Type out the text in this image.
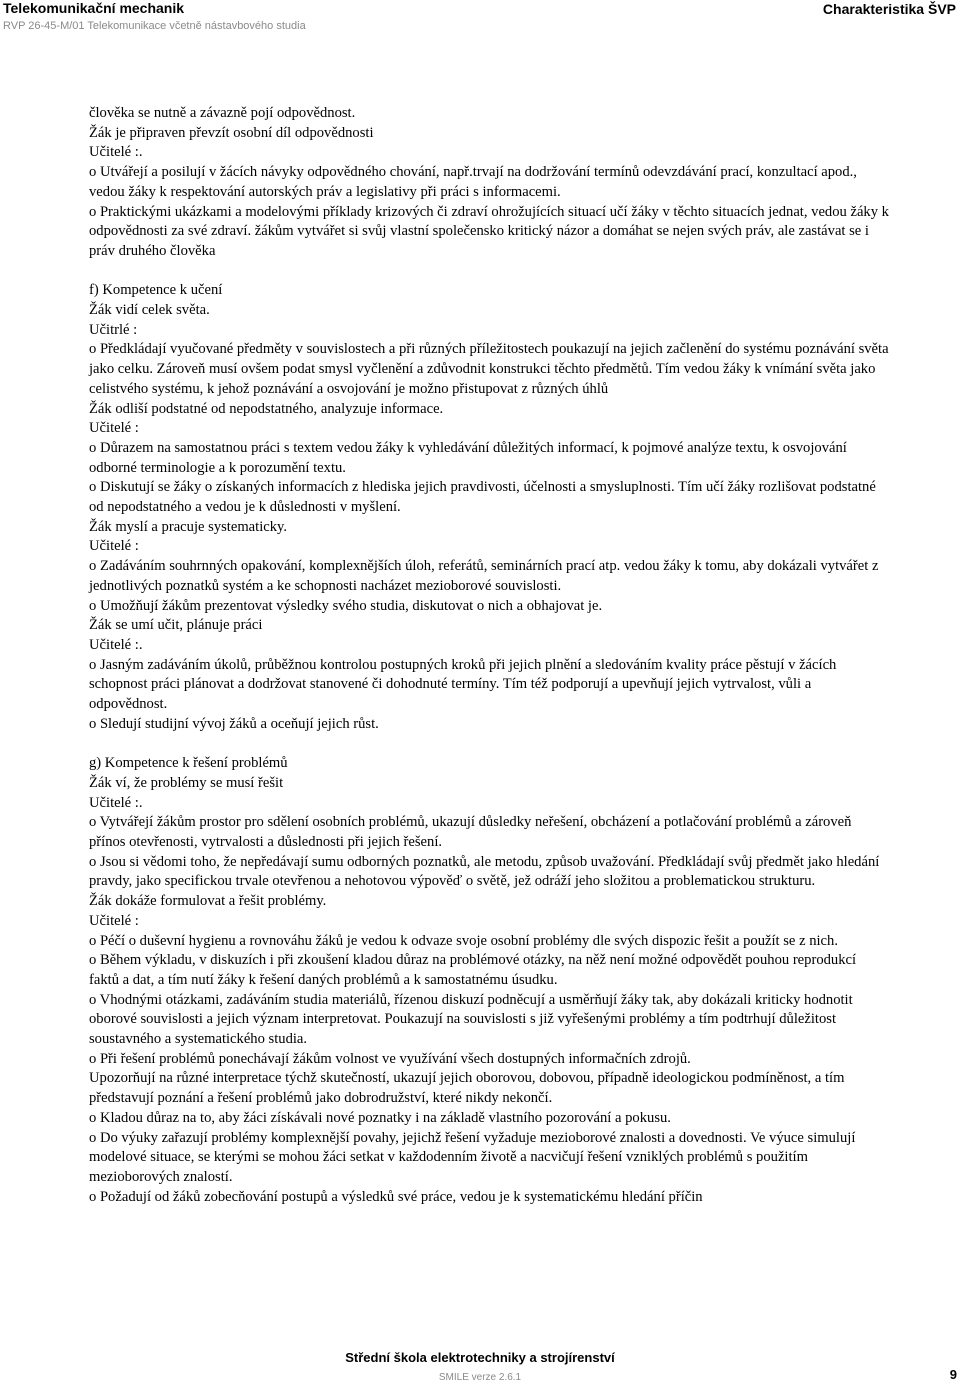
Telekomunikační mechanik
RVP 26-45-M/01 Telekomunikace včetně nástavbového studia
Charakteristika ŠVP

člověka se nutně a závazně pojí odpovědnost.

Žák je připraven převzít osobní díl odpovědnosti

Učitelé :.

o Utvářejí a posilují v žácích návyky odpovědného chování, např.trvají na dodržování termínů odevzdávání prací, konzultací apod., vedou žáky k respektování autorských práv a legislativy při práci s informacemi.

o Praktickými ukázkami a modelovými příklady krizových či zdraví ohrožujících situací učí žáky v těchto situacích jednat, vedou žáky k odpovědnosti za své zdraví. žákům vytvářet si svůj vlastní společensko kritický názor a domáhat se nejen svých práv, ale zastávat se i práv druhého člověka

f) Kompetence k učení

Žák vidí celek světa.

Učitrlé :

o Předkládají vyučované předměty v souvislostech a při různých příležitostech poukazují na jejich začlenění do systému poznávání světa jako celku. Zároveň musí ovšem podat smysl vyčlenění a zdůvodnit konstrukci těchto předmětů. Tím vedou žáky k vnímání světa jako celistvého systému, k jehož poznávání a osvojování je možno přistupovat z různých úhlů

Žák odliší podstatné od nepodstatného, analyzuje informace.

Učitelé :

o Důrazem na samostatnou práci s textem vedou žáky k vyhledávání důležitých informací, k pojmové analýze textu, k osvojování odborné terminologie a k porozumění textu.

o Diskutují se žáky o získaných informacích z hlediska jejich pravdivosti, účelnosti a smysluplnosti. Tím učí žáky rozlišovat podstatné od nepodstatného a vedou je k důslednosti v myšlení.

Žák myslí a pracuje systematicky.

Učitelé :

o Zadáváním souhrnných opakování, komplexnějších úloh, referátů, seminárních prací atp. vedou žáky k tomu, aby dokázali vytvářet z jednotlivých poznatků systém a ke schopnosti nacházet mezioborové souvislosti.

o Umožňují žákům prezentovat výsledky svého studia, diskutovat o nich a obhajovat je.

Žák se umí učit, plánuje práci

Učitelé :.

o Jasným zadáváním úkolů, průběžnou kontrolou postupných kroků při jejich plnění a sledováním kvality práce pěstují v žácích schopnost práci plánovat a dodržovat stanovené či dohodnuté termíny. Tím též podporují a upevňují jejich vytrvalost, vůli a odpovědnost.

o Sledují studijní vývoj žáků a oceňují jejich růst.

g) Kompetence k řešení problémů

Žák ví, že problémy se musí řešit

Učitelé :.

o Vytvářejí žákům prostor pro sdělení osobních problémů, ukazují důsledky neřešení, obcházení a potlačování problémů a zároveň přínos otevřenosti, vytrvalosti a důslednosti při jejich řešení.

o Jsou si vědomi toho, že nepředávají sumu odborných poznatků, ale metodu, způsob uvažování. Předkládají svůj předmět jako hledání pravdy, jako specifickou trvale otevřenou a nehotovou výpověď o světě, jež odráží jeho složitou a problematickou strukturu.

Žák dokáže formulovat a řešit problémy.

Učitelé :

o Péčí o duševní hygienu a rovnováhu žáků je vedou k odvaze svoje osobní problémy dle svých dispozic řešit a použít se z nich.

o Během výkladu, v diskuzích i při zkoušení kladou důraz na problémové otázky, na něž není možné odpovědět pouhou reprodukcí faktů a dat, a tím nutí žáky k řešení daných problémů a k samostatnému úsudku.

o Vhodnými otázkami, zadáváním studia materiálů, řízenou diskuzí podněcují a usměrňují žáky tak, aby dokázali kriticky hodnotit oborové souvislosti a jejich význam interpretovat. Poukazují na souvislosti s již vyřešenými problémy a tím podtrhují důležitost soustavného a systematického studia.

o Při řešení problémů ponechávají žákům volnost ve využívání všech dostupných informačních zdrojů.

Upozorňují na různé interpretace týchž skutečností, ukazují jejich oborovou, dobovou, případně ideologickou podmíněnost, a tím představují poznání a řešení problémů jako dobrodružství, které nikdy nekončí.

o Kladou důraz na to, aby žáci získávali nové poznatky i na základě vlastního pozorování a pokusu.

o Do výuky zařazují problémy komplexnější povahy, jejichž řešení vyžaduje mezioborové znalosti a dovednosti. Ve výuce simulují modelové situace, se kterými se mohou žáci setkat v každodenním životě a nacvičují řešení vzniklých problémů s použitím mezioborových znalostí.

o Požadují od žáků zobecňování postupů a výsledků své práce, vedou je k systematickému hledání příčin

Střední škola elektrotechniky a strojírenství
SMILE verze 2.6.1	9
